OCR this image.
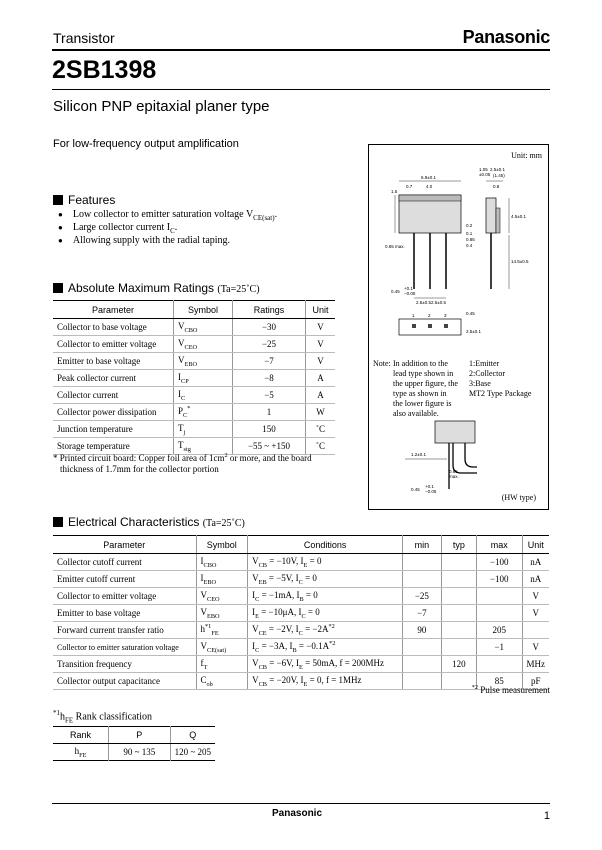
Transistor	Panasonic
2SB1398
Silicon PNP epitaxial planer type
For low-frequency output amplification
Features
● Low collector to emitter saturation voltage $V_{CE(sat)}$.
● Large collector current $I_C$.
● Allowing supply with the radial taping.
Absolute Maximum Ratings (Ta=25˚C)
Parameter	Symbol	Ratings	Unit
Collector to base voltage	$V_{CBO}$	−30	V
Collector to emitter voltage	$V_{CEO}$	−25	V
Emitter to base voltage	$V_{EBO}$	−7	V
Peak collector current	$I_{CP}$	−8	A
Collector current	$I_C$	−5	A
Collector power dissipation	$P_C^*$	1	W
Junction temperature	$T_j$	150	˚C
Storage temperature	$T_{stg}$	−55 ~ +150	˚C
* Printed circuit board: Copper foil area of $1cm^2$ or more, and the board
thickness of 1.7mm for the collector portion
Unit: mm
6.9±0.1
1.05
±0.05
2.5±0.1
(1.45)
0.7	4.0	0.8
1.5
0.2
0.1
4.5±0.1
0.65 max.
0.85
0.4
14.5±0.5
0.45
+0.1
−0.05
2.5±0.5 2.5±0.5
1	2	3	0.45
2.5±0.1
Note: In addition to the
lead type shown in
the upper figure, the
type as shown in
the lower figure is
also available.
1:Emitter
2:Collector
3:Base
MT2 Type Package
1.2±0.1
0.85
max.
0.45
+0.1
−0.05
(HW type)
Electrical Characteristics (Ta=25˚C)
Parameter	Symbol	Conditions	min	typ	max	Unit
Collector cutoff current	$I_{CBO}$	$V_{CB} = -10V$, $I_E = 0$			−100	nA
Emitter cutoff current	$I_{EBO}$	$V_{EB} = -5V$, $I_C = 0$			−100	nA
Collector to emitter voltage	$V_{CEO}$	$I_C = -1mA$, $I_B = 0$	−25			V
Emitter to base voltage	$V_{EBO}$	$I_E = -10\mu A$, $I_C = 0$	−7			V
Forward current transfer ratio	$h^{*1}_{FE}$	$V_{CE} = -2V$, $I_C = -2A^{*2}$	90		205	
Collector to emitter saturation voltage	$V_{CE(sat)}$	$I_C = -3A$, $I_B = -0.1A^{*2}$			−1	V
Transition frequency	$f_T$	$V_{CB} = -6V$, $I_E = 50mA$, f = 200MHz		120		MHz
Collector output capacitance	$C_{ob}$	$V_{CB} = -20V$, $I_E = 0$, f = 1MHz			85	pF
$^{*2}$ Pulse measurement
$^{*1}h_{FE}$ Rank classification
Rank	P	Q
$h_{FE}$	90 ~ 135	120 ~ 205
Panasonic	1
